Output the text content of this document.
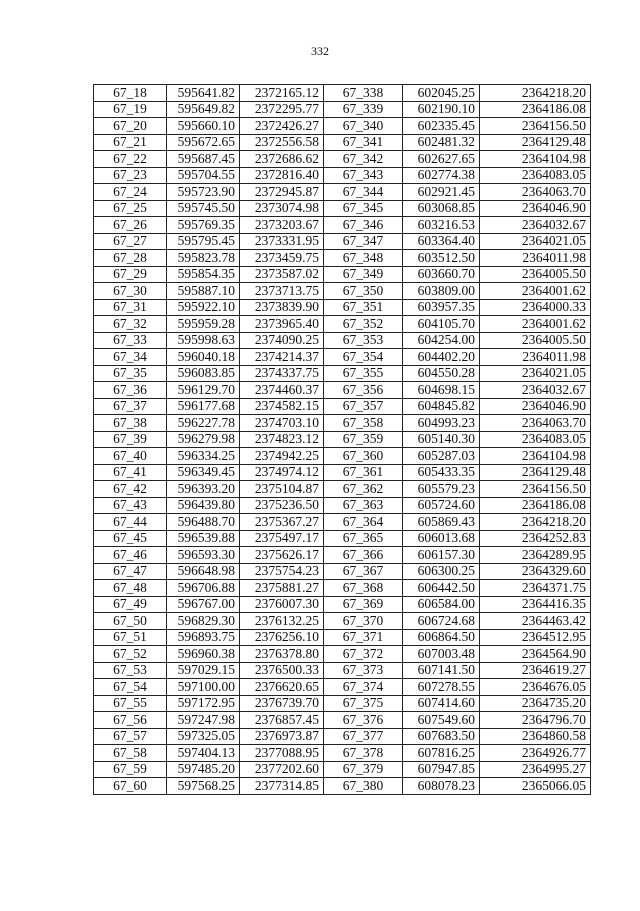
332
67_18	595641.82	2372165.12	67_338	602045.25	2364218.20
67_19	595649.82	2372295.77	67_339	602190.10	2364186.08
67_20	595660.10	2372426.27	67_340	602335.45	2364156.50
67_21	595672.65	2372556.58	67_341	602481.32	2364129.48
67_22	595687.45	2372686.62	67_342	602627.65	2364104.98
67_23	595704.55	2372816.40	67_343	602774.38	2364083.05
67_24	595723.90	2372945.87	67_344	602921.45	2364063.70
67_25	595745.50	2373074.98	67_345	603068.85	2364046.90
67_26	595769.35	2373203.67	67_346	603216.53	2364032.67
67_27	595795.45	2373331.95	67_347	603364.40	2364021.05
67_28	595823.78	2373459.75	67_348	603512.50	2364011.98
67_29	595854.35	2373587.02	67_349	603660.70	2364005.50
67_30	595887.10	2373713.75	67_350	603809.00	2364001.62
67_31	595922.10	2373839.90	67_351	603957.35	2364000.33
67_32	595959.28	2373965.40	67_352	604105.70	2364001.62
67_33	595998.63	2374090.25	67_353	604254.00	2364005.50
67_34	596040.18	2374214.37	67_354	604402.20	2364011.98
67_35	596083.85	2374337.75	67_355	604550.28	2364021.05
67_36	596129.70	2374460.37	67_356	604698.15	2364032.67
67_37	596177.68	2374582.15	67_357	604845.82	2364046.90
67_38	596227.78	2374703.10	67_358	604993.23	2364063.70
67_39	596279.98	2374823.12	67_359	605140.30	2364083.05
67_40	596334.25	2374942.25	67_360	605287.03	2364104.98
67_41	596349.45	2374974.12	67_361	605433.35	2364129.48
67_42	596393.20	2375104.87	67_362	605579.23	2364156.50
67_43	596439.80	2375236.50	67_363	605724.60	2364186.08
67_44	596488.70	2375367.27	67_364	605869.43	2364218.20
67_45	596539.88	2375497.17	67_365	606013.68	2364252.83
67_46	596593.30	2375626.17	67_366	606157.30	2364289.95
67_47	596648.98	2375754.23	67_367	606300.25	2364329.60
67_48	596706.88	2375881.27	67_368	606442.50	2364371.75
67_49	596767.00	2376007.30	67_369	606584.00	2364416.35
67_50	596829.30	2376132.25	67_370	606724.68	2364463.42
67_51	596893.75	2376256.10	67_371	606864.50	2364512.95
67_52	596960.38	2376378.80	67_372	607003.48	2364564.90
67_53	597029.15	2376500.33	67_373	607141.50	2364619.27
67_54	597100.00	2376620.65	67_374	607278.55	2364676.05
67_55	597172.95	2376739.70	67_375	607414.60	2364735.20
67_56	597247.98	2376857.45	67_376	607549.60	2364796.70
67_57	597325.05	2376973.87	67_377	607683.50	2364860.58
67_58	597404.13	2377088.95	67_378	607816.25	2364926.77
67_59	597485.20	2377202.60	67_379	607947.85	2364995.27
67_60	597568.25	2377314.85	67_380	608078.23	2365066.05
